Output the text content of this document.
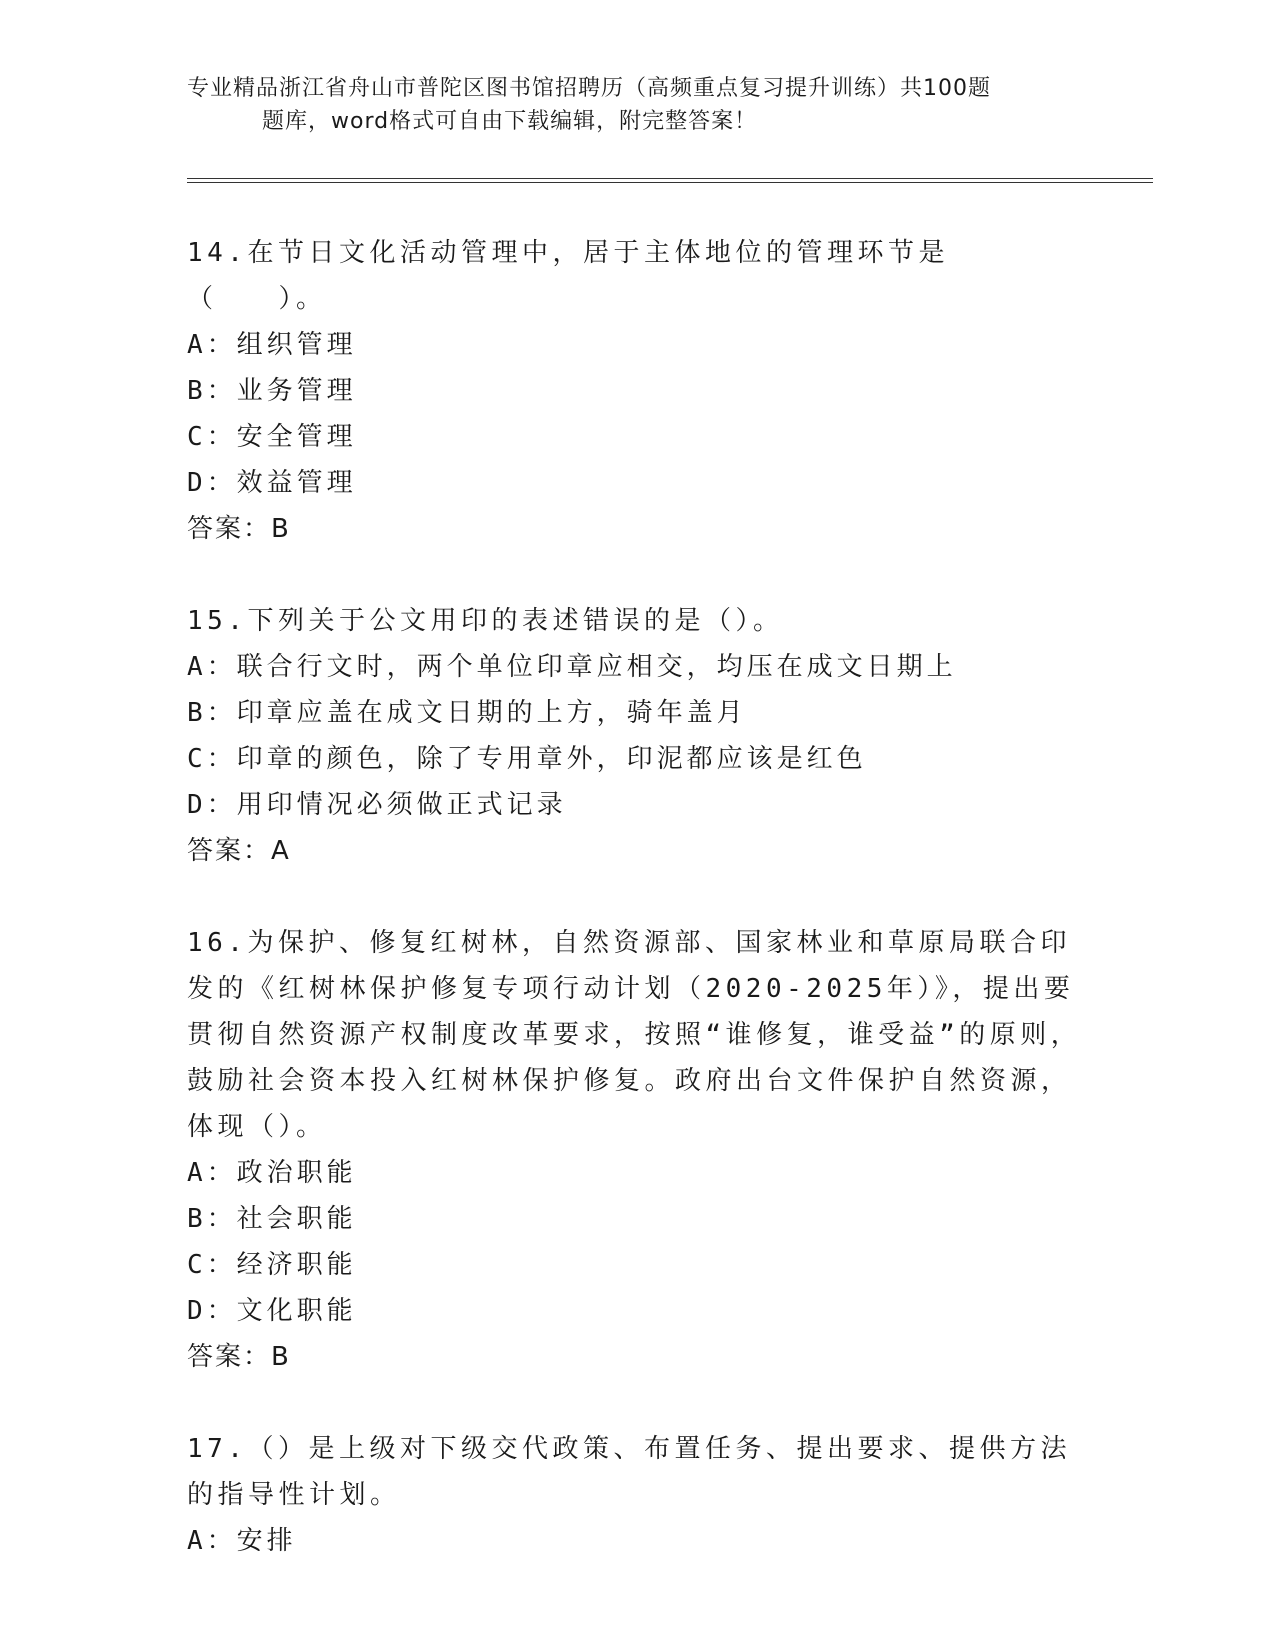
专业精品浙江省舟山市普陀区图书馆招聘历（高频重点复习提升训练）共100题
题库，word格式可自由下载编辑，附完整答案！

14.在节日文化活动管理中，居于主体地位的管理环节是（　　）。

A：组织管理

B：业务管理

C：安全管理

D：效益管理

答案：B

15.下列关于公文用印的表述错误的是（）。

A：联合行文时，两个单位印章应相交，均压在成文日期上

B：印章应盖在成文日期的上方，骑年盖月

C：印章的颜色，除了专用章外，印泥都应该是红色

D：用印情况必须做正式记录

答案：A

16.为保护、修复红树林，自然资源部、国家林业和草原局联合印发的《红树林保护修复专项行动计划（2020-2025年）》，提出要贯彻自然资源产权制度改革要求，按照“谁修复，谁受益”的原则，鼓励社会资本投入红树林保护修复。政府出台文件保护自然资源，体现（）。

A：政治职能

B：社会职能

C：经济职能

D：文化职能

答案：B

17.（）是上级对下级交代政策、布置任务、提出要求、提供方法的指导性计划。

A：安排
